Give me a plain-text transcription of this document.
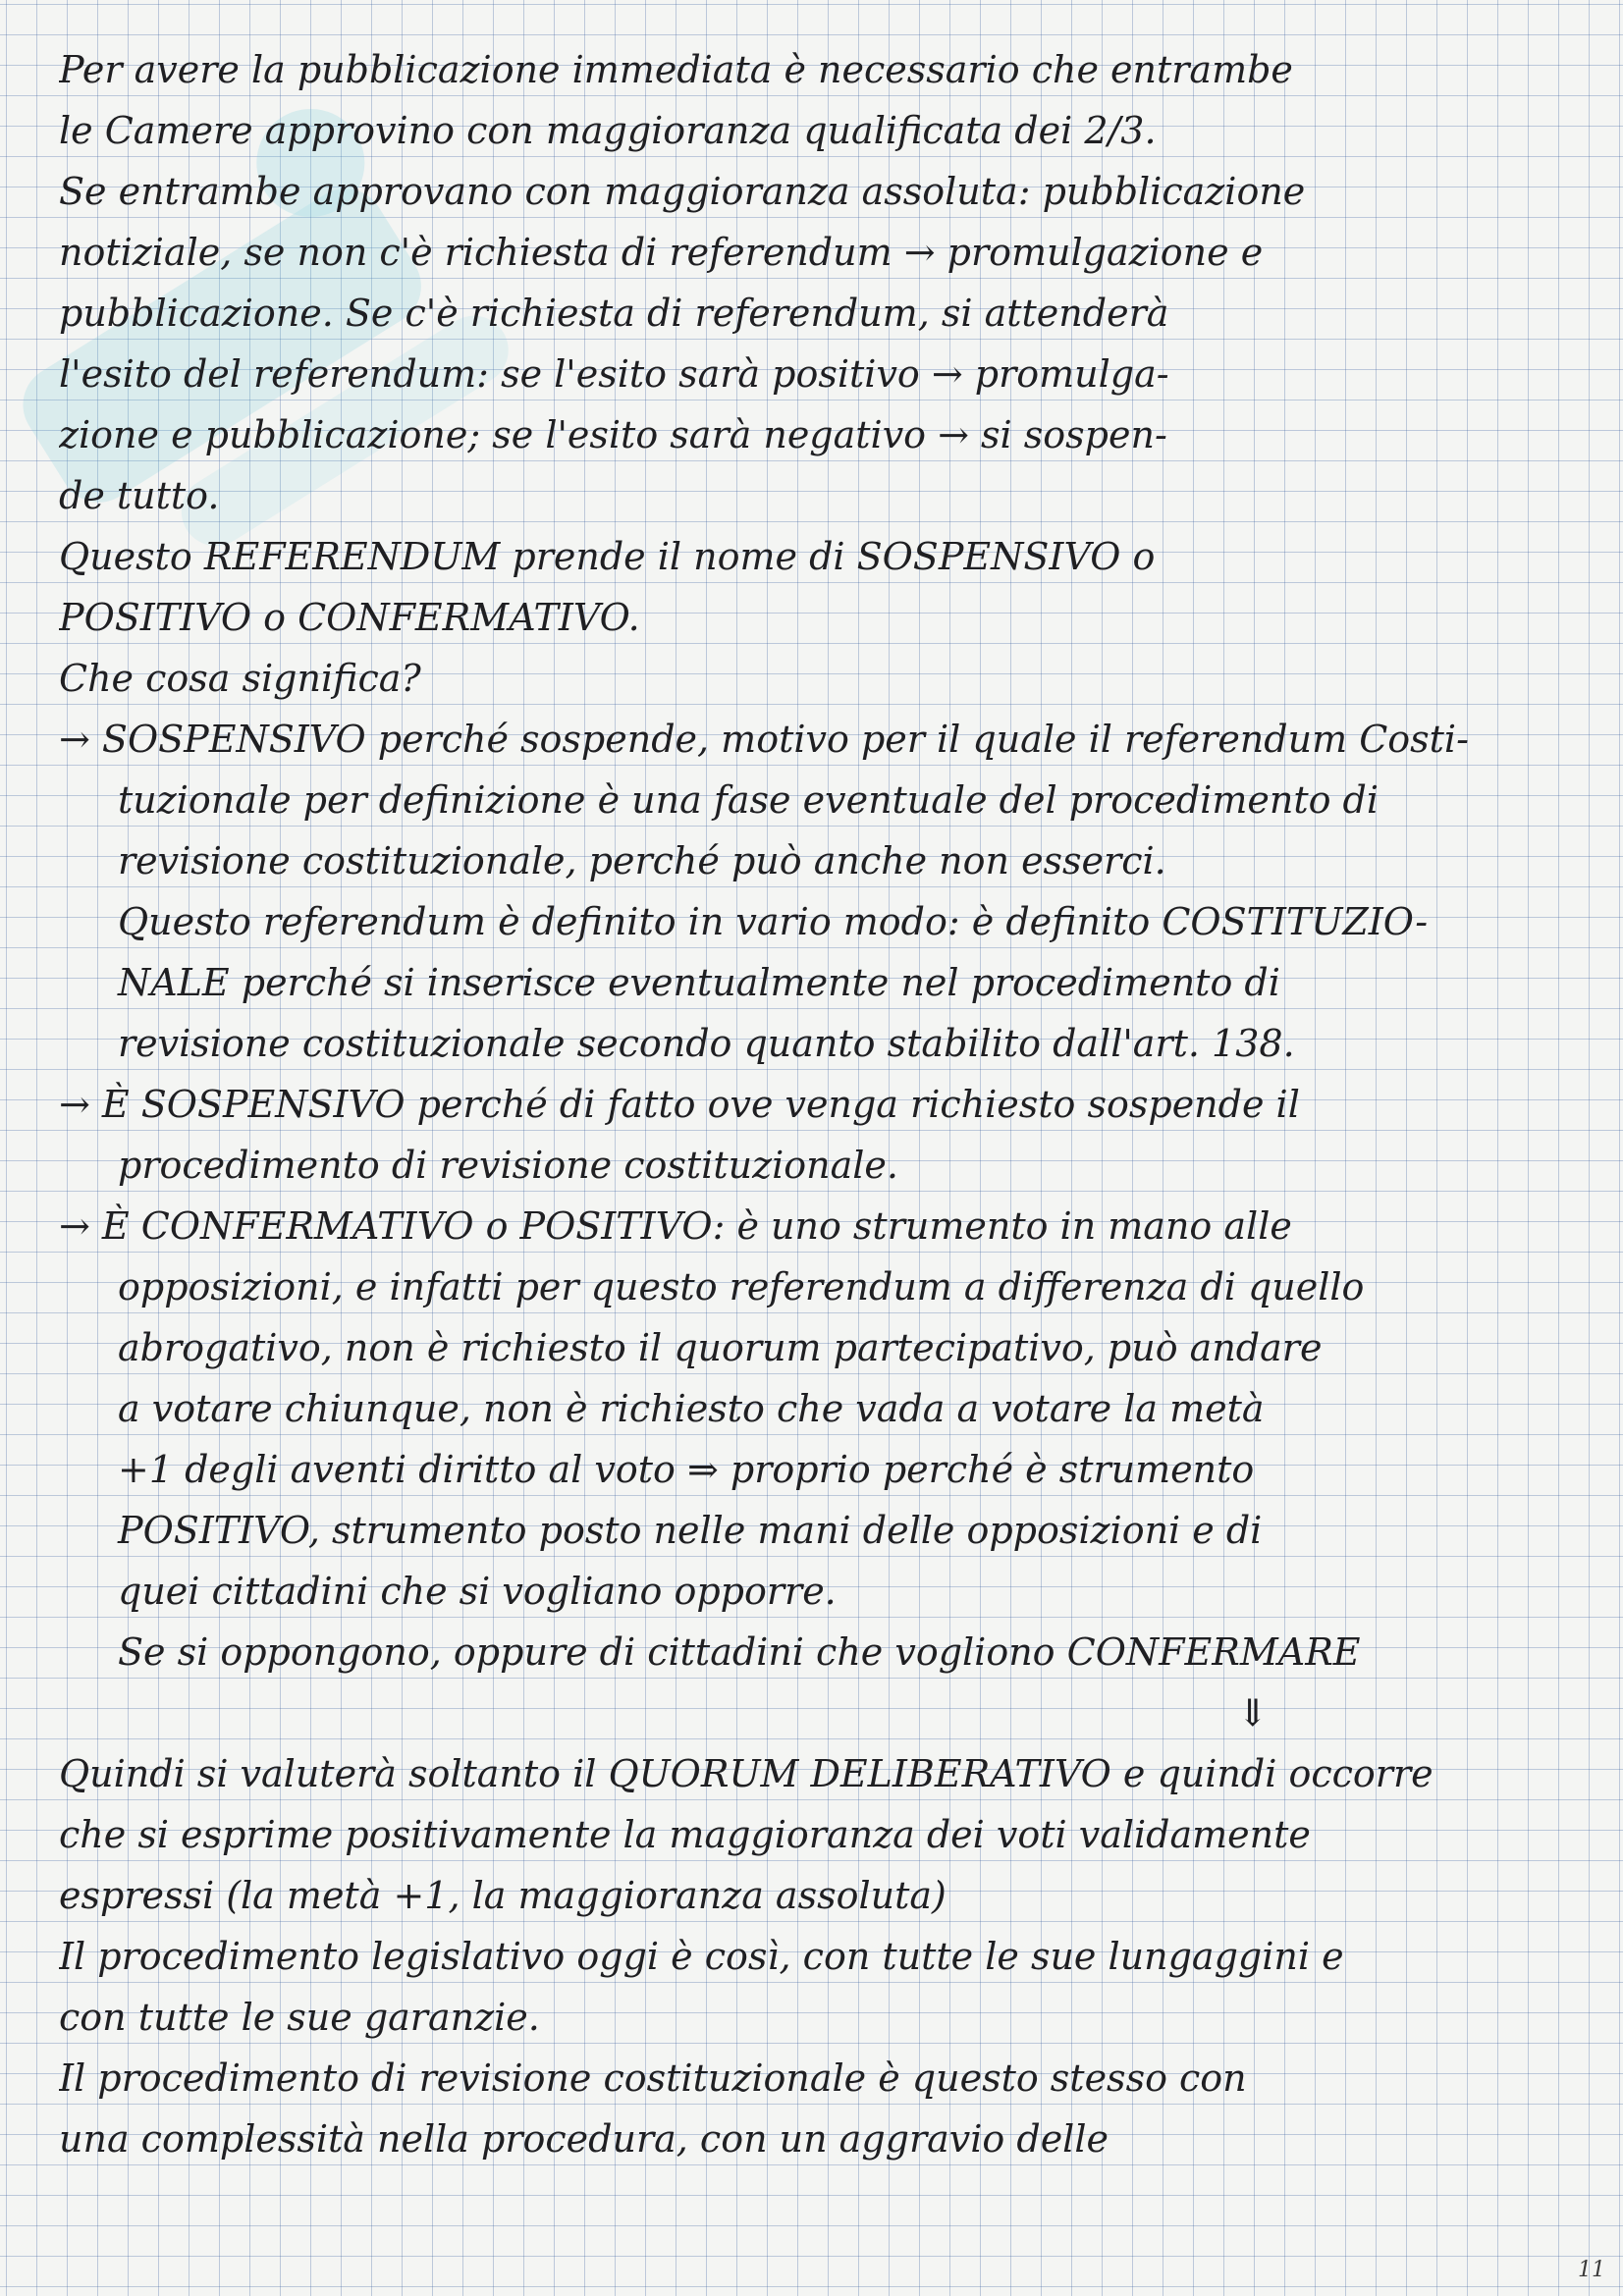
Per avere la pubblicazione immediata è necessario che entrambe
le Camere approvino con maggioranza qualificata dei 2/3.
Se entrambe approvano con maggioranza assoluta: pubblicazione
notiziale, se non c'è richiesta di referendum → promulgazione e
pubblicazione. Se c'è richiesta di referendum, si attenderà
l'esito del referendum: se l'esito sarà positivo → promulga-
zione e pubblicazione; se l'esito sarà negativo → si sospen-
de tutto.
Questo REFERENDUM prende il nome di SOSPENSIVO o
POSITIVO o CONFERMATIVO.
Che cosa significa?
→ SOSPENSIVO perché sospende, motivo per il quale il referendum Costi-
tuzionale per definizione è una fase eventuale del procedimento di
revisione costituzionale, perché può anche non esserci.
Questo referendum è definito in vario modo: è definito COSTITUZIO-
NALE perché si inserisce eventualmente nel procedimento di
revisione costituzionale secondo quanto stabilito dall'art. 138.
→ È SOSPENSIVO perché di fatto ove venga richiesto sospende il
procedimento di revisione costituzionale.
→ È CONFERMATIVO o POSITIVO: è uno strumento in mano alle
opposizioni, e infatti per questo referendum a differenza di quello
abrogativo, non è richiesto il quorum partecipativo, può andare
a votare chiunque, non è richiesto che vada a votare la metà
+1 degli aventi diritto al voto ⇒ proprio perché è strumento
POSITIVO, strumento posto nelle mani delle opposizioni e di
quei cittadini che si vogliano opporre.
Se si oppongono, oppure di cittadini che vogliono CONFERMARE
⇓
Quindi si valuterà soltanto il QUORUM DELIBERATIVO e quindi occorre
che si esprime positivamente la maggioranza dei voti validamente
espressi (la metà +1, la maggioranza assoluta)
Il procedimento legislativo oggi è così, con tutte le sue lungaggini e
con tutte le sue garanzie.
Il procedimento di revisione costituzionale è questo stesso con
una complessità nella procedura, con un aggravio delle
11
